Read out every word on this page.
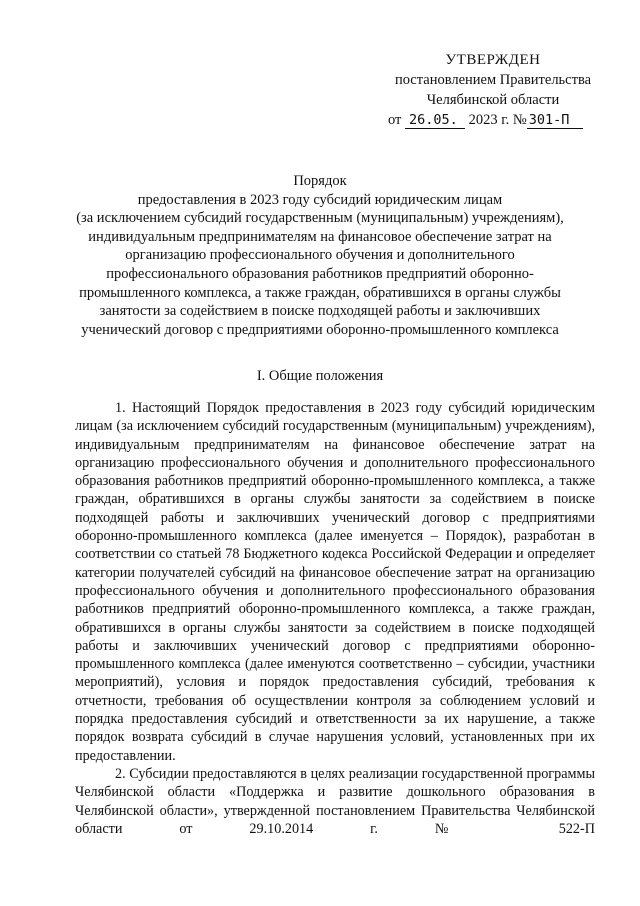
УТВЕРЖДЕН
постановлением Правительства
Челябинской области
от 26.05. 2023 г. № 301-П
Порядок
предоставления в 2023 году субсидий юридическим лицам
(за исключением субсидий государственным (муниципальным) учреждениям),
индивидуальным предпринимателям на финансовое обеспечение затрат на
организацию профессионального обучения и дополнительного
профессионального образования работников предприятий оборонно-
промышленного комплекса, а также граждан, обратившихся в органы службы
занятости за содействием в поиске подходящей работы и заключивших
ученический договор с предприятиями оборонно-промышленного комплекса
I. Общие положения

1. Настоящий Порядок предоставления в 2023 году субсидий юридическим лицам (за исключением субсидий государственным (муниципальным) учреждениям), индивидуальным предпринимателям на финансовое обеспечение затрат на организацию профессионального обучения и дополнительного профессионального образования работников предприятий оборонно-промышленного комплекса, а также граждан, обратившихся в органы службы занятости за содействием в поиске подходящей работы и заключивших ученический договор с предприятиями оборонно-промышленного комплекса (далее именуется – Порядок), разработан в соответствии со статьей 78 Бюджетного кодекса Российской Федерации и определяет категории получателей субсидий на финансовое обеспечение затрат на организацию профессионального обучения и дополнительного профессионального образования работников предприятий оборонно-промышленного комплекса, а также граждан, обратившихся в органы службы занятости за содействием в поиске подходящей работы и заключивших ученический договор с предприятиями оборонно-промышленного комплекса (далее именуются соответственно – субсидии, участники мероприятий), условия и порядок предоставления субсидий, требования к отчетности, требования об осуществлении контроля за соблюдением условий и порядка предоставления субсидий и ответственности за их нарушение, а также порядок возврата субсидий в случае нарушения условий, установленных при их предоставлении.

2. Субсидии предоставляются в целях реализации государственной программы Челябинской области «Поддержка и развитие дошкольного образования в Челябинской области», утвержденной постановлением Правительства Челябинской области от 29.10.2014 г. № 522-П
